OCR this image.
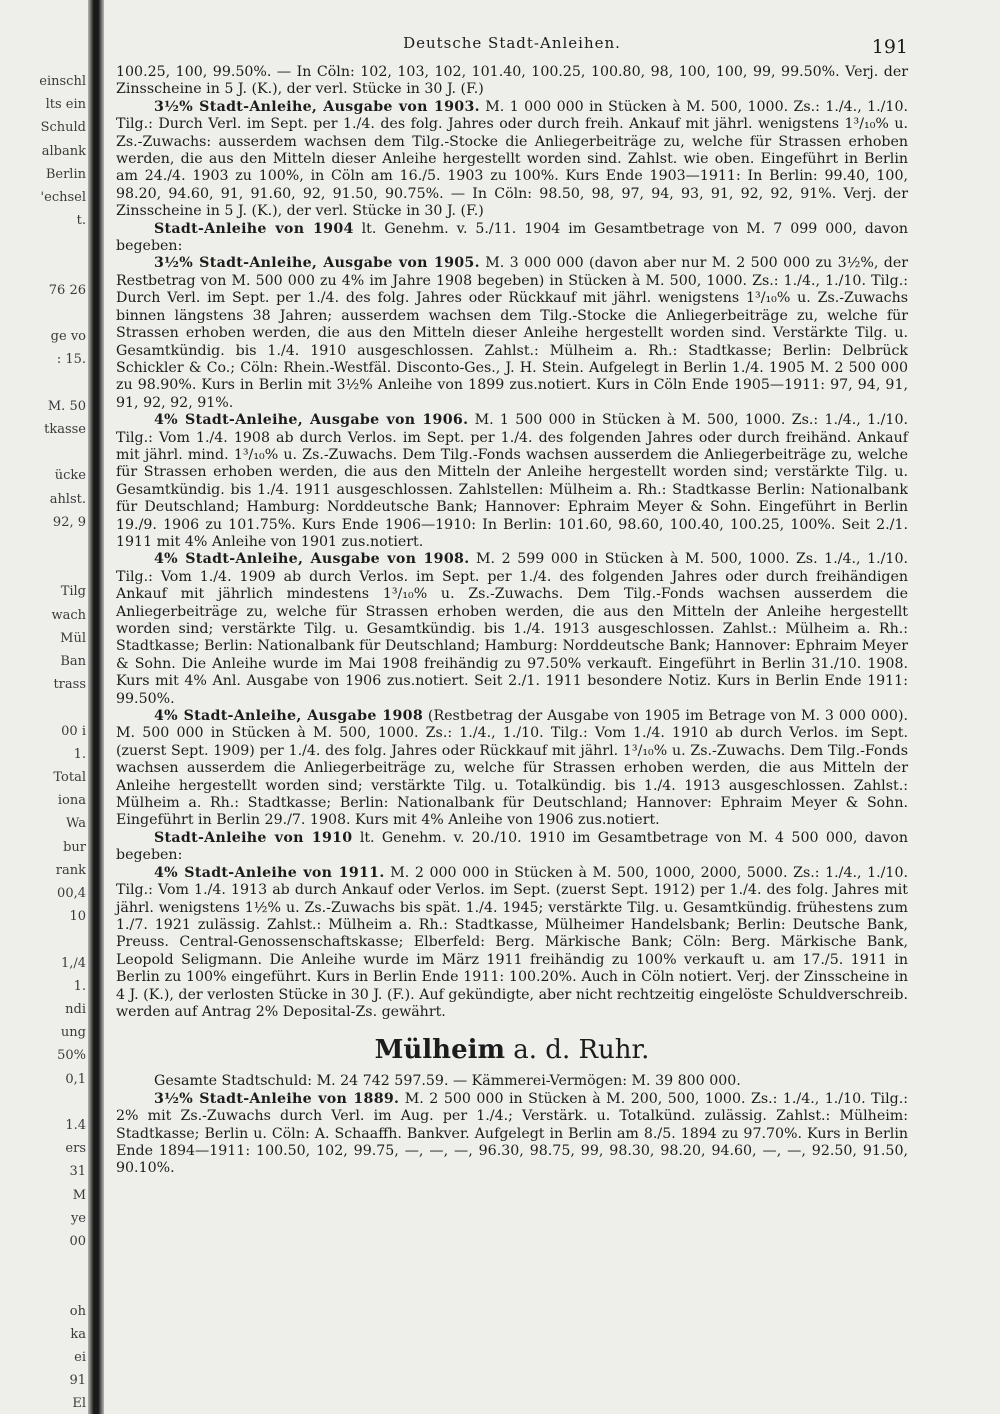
einschl
lts ein
Schuld
albank
Berlin
'echsel
t.
76 26
ge vo
: 15.
M. 50
tkasse
ücke
ahlst.
92, 9
Tilg
wach
Mül
Ban
trass
00 i
1.
Total
iona
Wa
bur
rank
00,4
10
1,/4
1.
ndi
ung
50%
0,1
1.4
ers
31
M
ye
00
oh
ka
ei
91
El
Deutsche Stadt-Anleihen.	191

100.25, 100, 99.50%. — In Cöln: 102, 103, 102, 101.40, 100.25, 100.80, 98, 100, 100, 99, 99.50%. Verj. der Zinsscheine in 5 J. (K.), der verl. Stücke in 30 J. (F.)

3½% Stadt-Anleihe, Ausgabe von 1903. M. 1 000 000 in Stücken à M. 500, 1000. Zs.: 1./4., 1./10. Tilg.: Durch Verl. im Sept. per 1./4. des folg. Jahres oder durch freih. Ankauf mit jährl. wenigstens 1³/₁₀% u. Zs.-Zuwachs: ausserdem wachsen dem Tilg.-Stocke die Anliegerbeiträge zu, welche für Strassen erhoben werden, die aus den Mitteln dieser Anleihe hergestellt worden sind. Zahlst. wie oben. Eingeführt in Berlin am 24./4. 1903 zu 100%, in Cöln am 16./5. 1903 zu 100%. Kurs Ende 1903—1911: In Berlin: 99.40, 100, 98.20, 94.60, 91, 91.60, 92, 91.50, 90.75%. — In Cöln: 98.50, 98, 97, 94, 93, 91, 92, 92, 91%. Verj. der Zinsscheine in 5 J. (K.), der verl. Stücke in 30 J. (F.)

Stadt-Anleihe von 1904 lt. Genehm. v. 5./11. 1904 im Gesamtbetrage von M. 7 099 000, davon begeben:

3½% Stadt-Anleihe, Ausgabe von 1905. M. 3 000 000 (davon aber nur M. 2 500 000 zu 3½%, der Restbetrag von M. 500 000 zu 4% im Jahre 1908 begeben) in Stücken à M. 500, 1000. Zs.: 1./4., 1./10. Tilg.: Durch Verl. im Sept. per 1./4. des folg. Jahres oder Rückkauf mit jährl. wenigstens 1³/₁₀% u. Zs.-Zuwachs binnen längstens 38 Jahren; ausserdem wachsen dem Tilg.-Stocke die Anliegerbeiträge zu, welche für Strassen erhoben werden, die aus den Mitteln dieser Anleihe hergestellt worden sind. Verstärkte Tilg. u. Gesamtkündig. bis 1./4. 1910 ausgeschlossen. Zahlst.: Mülheim a. Rh.: Stadtkasse; Berlin: Delbrück Schickler & Co.; Cöln: Rhein.-Westfäl. Disconto-Ges., J. H. Stein. Aufgelegt in Berlin 1./4. 1905 M. 2 500 000 zu 98.90%. Kurs in Berlin mit 3½% Anleihe von 1899 zus.notiert. Kurs in Cöln Ende 1905—1911: 97, 94, 91, 91, 92, 92, 91%.

4% Stadt-Anleihe, Ausgabe von 1906. M. 1 500 000 in Stücken à M. 500, 1000. Zs.: 1./4., 1./10. Tilg.: Vom 1./4. 1908 ab durch Verlos. im Sept. per 1./4. des folgenden Jahres oder durch freihänd. Ankauf mit jährl. mind. 1³/₁₀% u. Zs.-Zuwachs. Dem Tilg.-Fonds wachsen ausserdem die Anliegerbeiträge zu, welche für Strassen erhoben werden, die aus den Mitteln der Anleihe hergestellt worden sind; verstärkte Tilg. u. Gesamtkündig. bis 1./4. 1911 ausgeschlossen. Zahlstellen: Mülheim a. Rh.: Stadtkasse Berlin: Nationalbank für Deutschland; Hamburg: Norddeutsche Bank; Hannover: Ephraim Meyer & Sohn. Eingeführt in Berlin 19./9. 1906 zu 101.75%. Kurs Ende 1906—1910: In Berlin: 101.60, 98.60, 100.40, 100.25, 100%. Seit 2./1. 1911 mit 4% Anleihe von 1901 zus.notiert.

4% Stadt-Anleihe, Ausgabe von 1908. M. 2 599 000 in Stücken à M. 500, 1000. Zs. 1./4., 1./10. Tilg.: Vom 1./4. 1909 ab durch Verlos. im Sept. per 1./4. des folgenden Jahres oder durch freihändigen Ankauf mit jährlich mindestens 1³/₁₀% u. Zs.-Zuwachs. Dem Tilg.-Fonds wachsen ausserdem die Anliegerbeiträge zu, welche für Strassen erhoben werden, die aus den Mitteln der Anleihe hergestellt worden sind; verstärkte Tilg. u. Gesamtkündig. bis 1./4. 1913 ausgeschlossen. Zahlst.: Mülheim a. Rh.: Stadtkasse; Berlin: Nationalbank für Deutschland; Hamburg: Norddeutsche Bank; Hannover: Ephraim Meyer & Sohn. Die Anleihe wurde im Mai 1908 freihändig zu 97.50% verkauft. Eingeführt in Berlin 31./10. 1908. Kurs mit 4% Anl. Ausgabe von 1906 zus.notiert. Seit 2./1. 1911 besondere Notiz. Kurs in Berlin Ende 1911: 99.50%.

4% Stadt-Anleihe, Ausgabe 1908 (Restbetrag der Ausgabe von 1905 im Betrage von M. 3 000 000). M. 500 000 in Stücken à M. 500, 1000. Zs.: 1./4., 1./10. Tilg.: Vom 1./4. 1910 ab durch Verlos. im Sept. (zuerst Sept. 1909) per 1./4. des folg. Jahres oder Rückkauf mit jährl. 1³/₁₀% u. Zs.-Zuwachs. Dem Tilg.-Fonds wachsen ausserdem die Anliegerbeiträge zu, welche für Strassen erhoben werden, die aus Mitteln der Anleihe hergestellt worden sind; verstärkte Tilg. u. Totalkündig. bis 1./4. 1913 ausgeschlossen. Zahlst.: Mülheim a. Rh.: Stadtkasse; Berlin: Nationalbank für Deutschland; Hannover: Ephraim Meyer & Sohn. Eingeführt in Berlin 29./7. 1908. Kurs mit 4% Anleihe von 1906 zus.notiert.

Stadt-Anleihe von 1910 lt. Genehm. v. 20./10. 1910 im Gesamtbetrage von M. 4 500 000, davon begeben:

4% Stadt-Anleihe von 1911. M. 2 000 000 in Stücken à M. 500, 1000, 2000, 5000. Zs.: 1./4., 1./10. Tilg.: Vom 1./4. 1913 ab durch Ankauf oder Verlos. im Sept. (zuerst Sept. 1912) per 1./4. des folg. Jahres mit jährl. wenigstens 1½% u. Zs.-Zuwachs bis spät. 1./4. 1945; verstärkte Tilg. u. Gesamtkündig. frühestens zum 1./7. 1921 zulässig. Zahlst.: Mülheim a. Rh.: Stadtkasse, Mülheimer Handelsbank; Berlin: Deutsche Bank, Preuss. Central-Genossenschaftskasse; Elberfeld: Berg. Märkische Bank; Cöln: Berg. Märkische Bank, Leopold Seligmann. Die Anleihe wurde im März 1911 freihändig zu 100% verkauft u. am 17./5. 1911 in Berlin zu 100% eingeführt. Kurs in Berlin Ende 1911: 100.20%. Auch in Cöln notiert. Verj. der Zinsscheine in 4 J. (K.), der verlosten Stücke in 30 J. (F.). Auf gekündigte, aber nicht rechtzeitig eingelöste Schuldverschreib. werden auf Antrag 2% Deposital-Zs. gewährt.

Mülheim a. d. Ruhr.

Gesamte Stadtschuld: M. 24 742 597.59. — Kämmerei-Vermögen: M. 39 800 000.

3½% Stadt-Anleihe von 1889. M. 2 500 000 in Stücken à M. 200, 500, 1000. Zs.: 1./4., 1./10. Tilg.: 2% mit Zs.-Zuwachs durch Verl. im Aug. per 1./4.; Verstärk. u. Totalkünd. zulässig. Zahlst.: Mülheim: Stadtkasse; Berlin u. Cöln: A. Schaaffh. Bankver. Aufgelegt in Berlin am 8./5. 1894 zu 97.70%. Kurs in Berlin Ende 1894—1911: 100.50, 102, 99.75, —, —, —, 96.30, 98.75, 99, 98.30, 98.20, 94.60, —, —, 92.50, 91.50, 90.10%.
